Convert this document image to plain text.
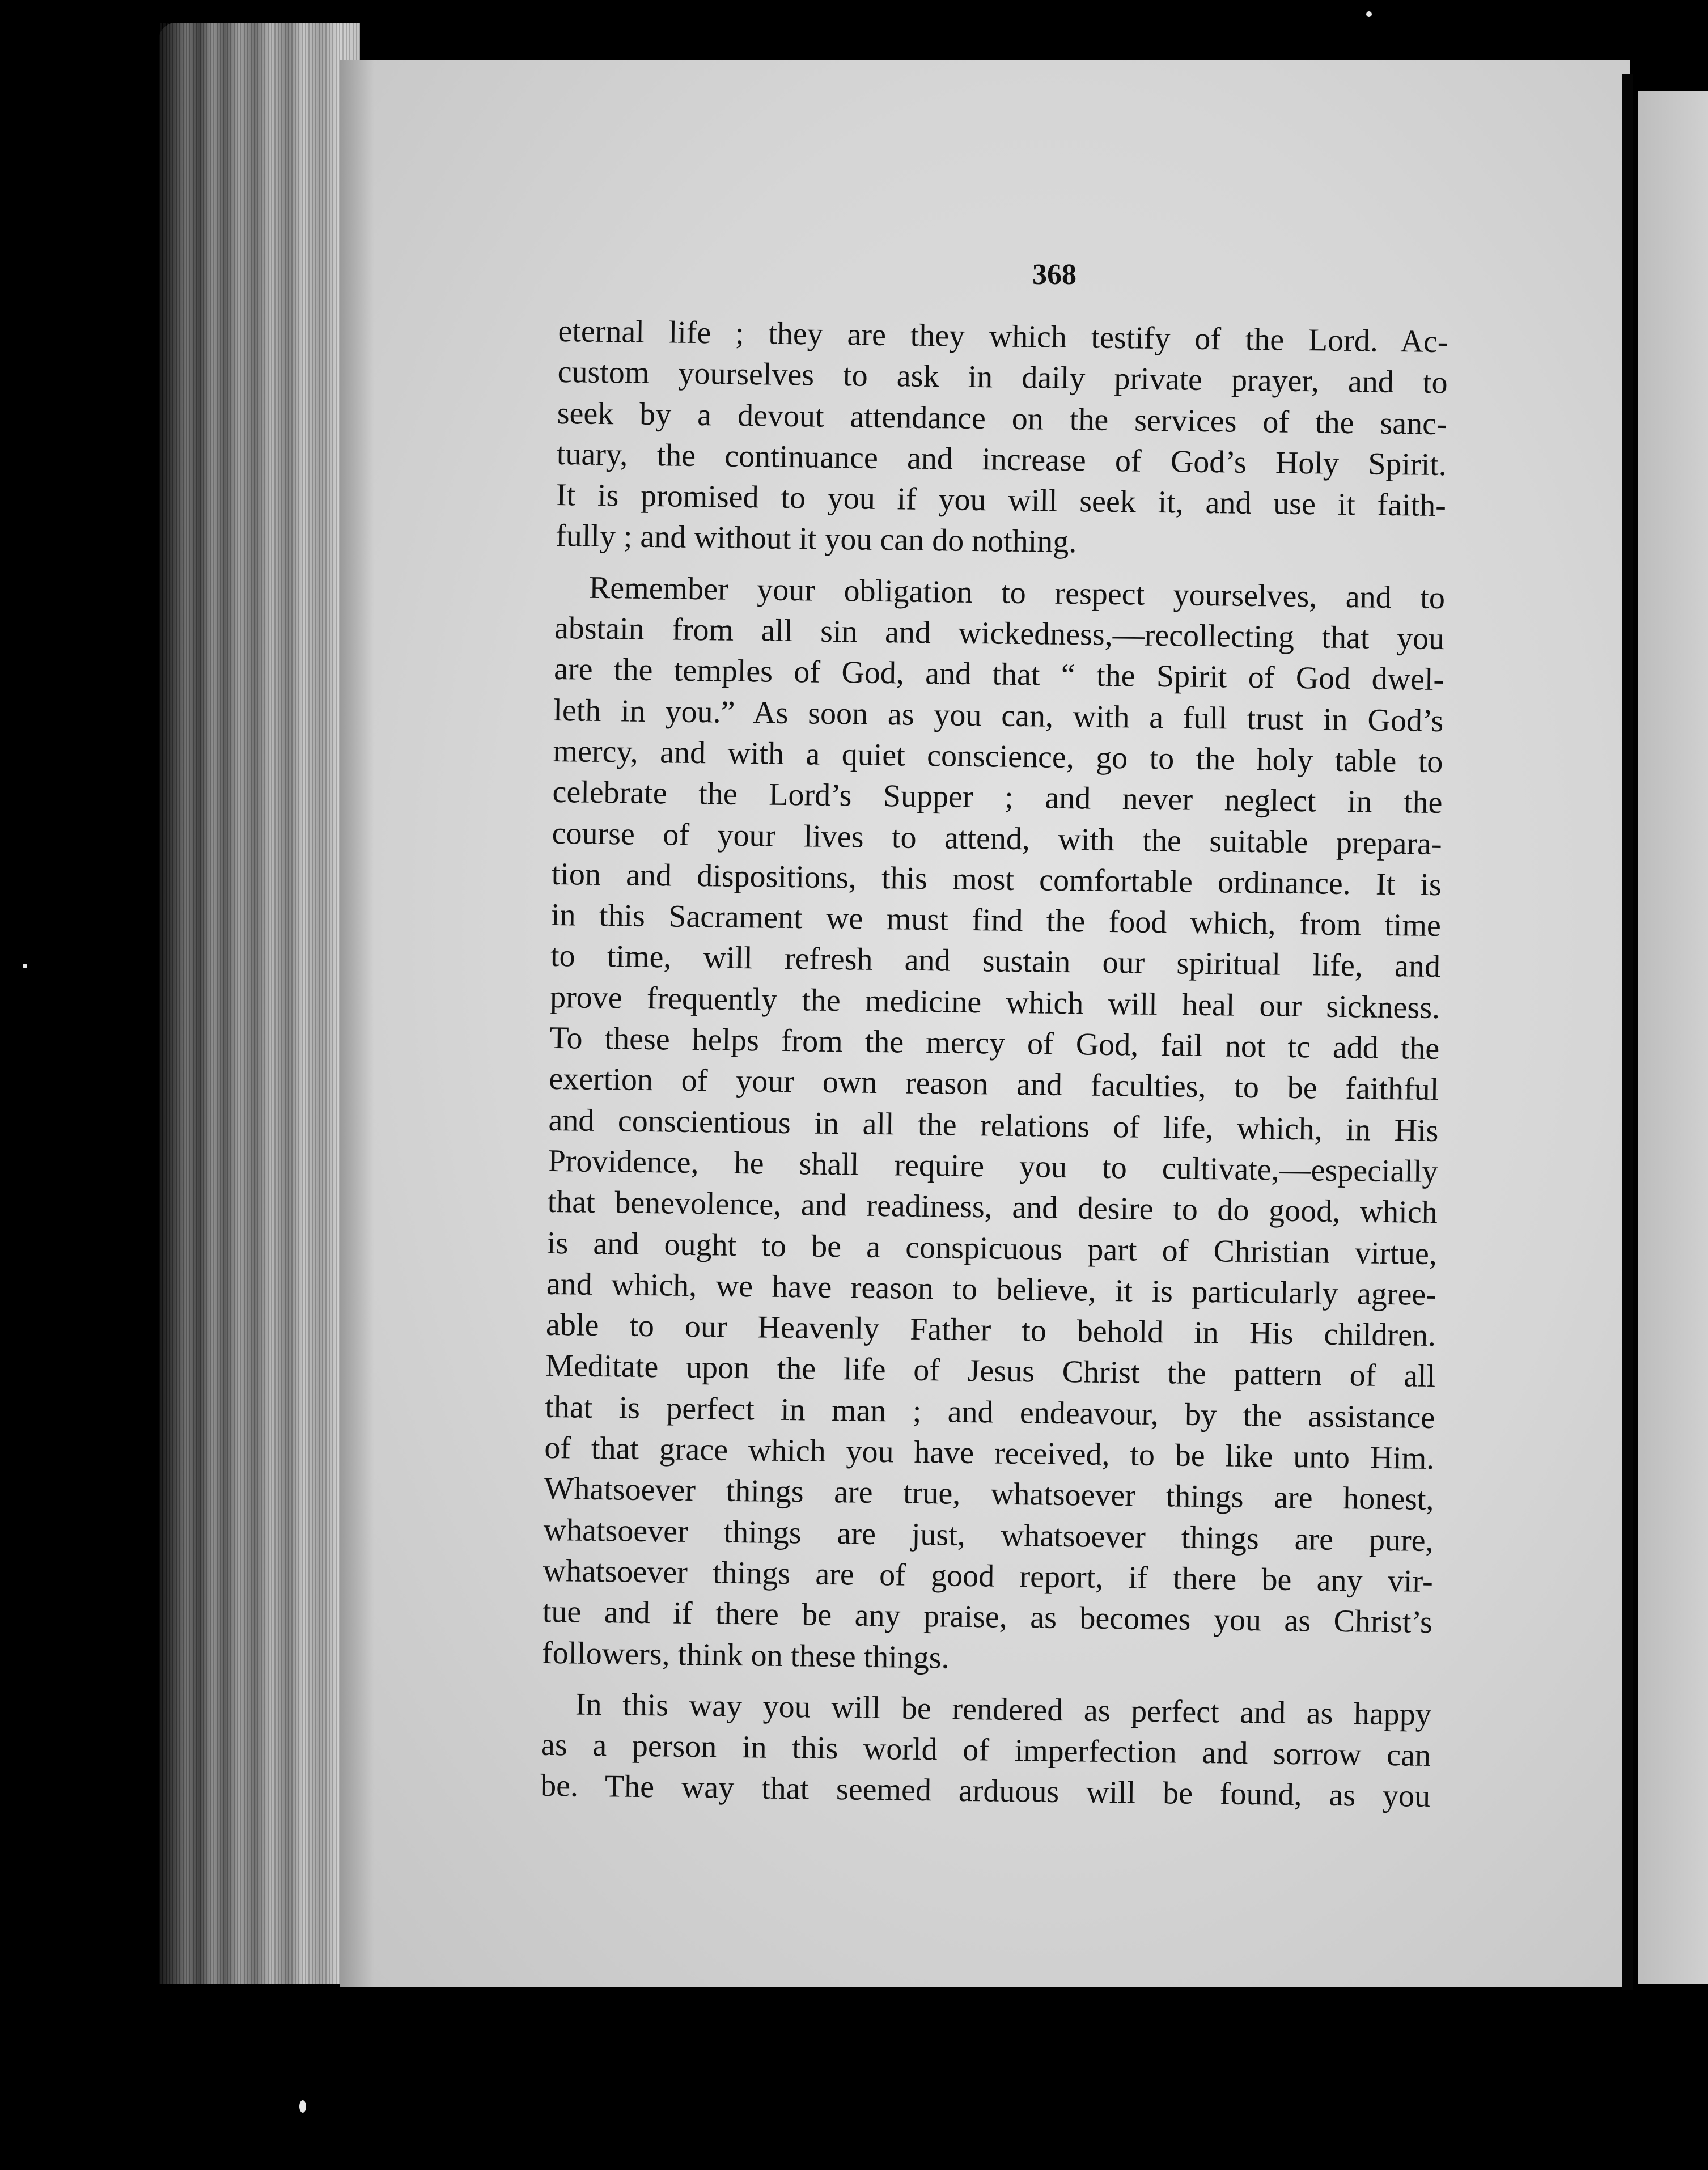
368

eternal life ; they are they which testify of the Lord. Ac-
custom yourselves to ask in daily private prayer, and to
seek by a devout attendance on the services of the sanc-
tuary, the continuance and increase of God’s Holy Spirit.
It is promised to you if you will seek it, and use it faith-
fully ; and without it you can do nothing.

Remember your obligation to respect yourselves, and to
abstain from all sin and wickedness,—recollecting that you
are the temples of God, and that “ the Spirit of God dwel-
leth in you.” As soon as you can, with a full trust in God’s
mercy, and with a quiet conscience, go to the holy table to
celebrate the Lord’s Supper ; and never neglect in the
course of your lives to attend, with the suitable prepara-
tion and dispositions, this most comfortable ordinance. It is
in this Sacrament we must find the food which, from time
to time, will refresh and sustain our spiritual life, and
prove frequently the medicine which will heal our sickness.
To these helps from the mercy of God, fail not tc add the
exertion of your own reason and faculties, to be faithful
and conscientious in all the relations of life, which, in His
Providence, he shall require you to cultivate,—especially
that benevolence, and readiness, and desire to do good, which
is and ought to be a conspicuous part of Christian virtue,
and which, we have reason to believe, it is particularly agree-
able to our Heavenly Father to behold in His children.
Meditate upon the life of Jesus Christ the pattern of all
that is perfect in man ; and endeavour, by the assistance
of that grace which you have received, to be like unto Him.
Whatsoever things are true, whatsoever things are honest,
whatsoever things are just, whatsoever things are pure,
whatsoever things are of good report, if there be any vir-
tue and if there be any praise, as becomes you as Christ’s
followers, think on these things.

In this way you will be rendered as perfect and as happy
as a person in this world of imperfection and sorrow can
be. The way that seemed arduous will be found, as you
